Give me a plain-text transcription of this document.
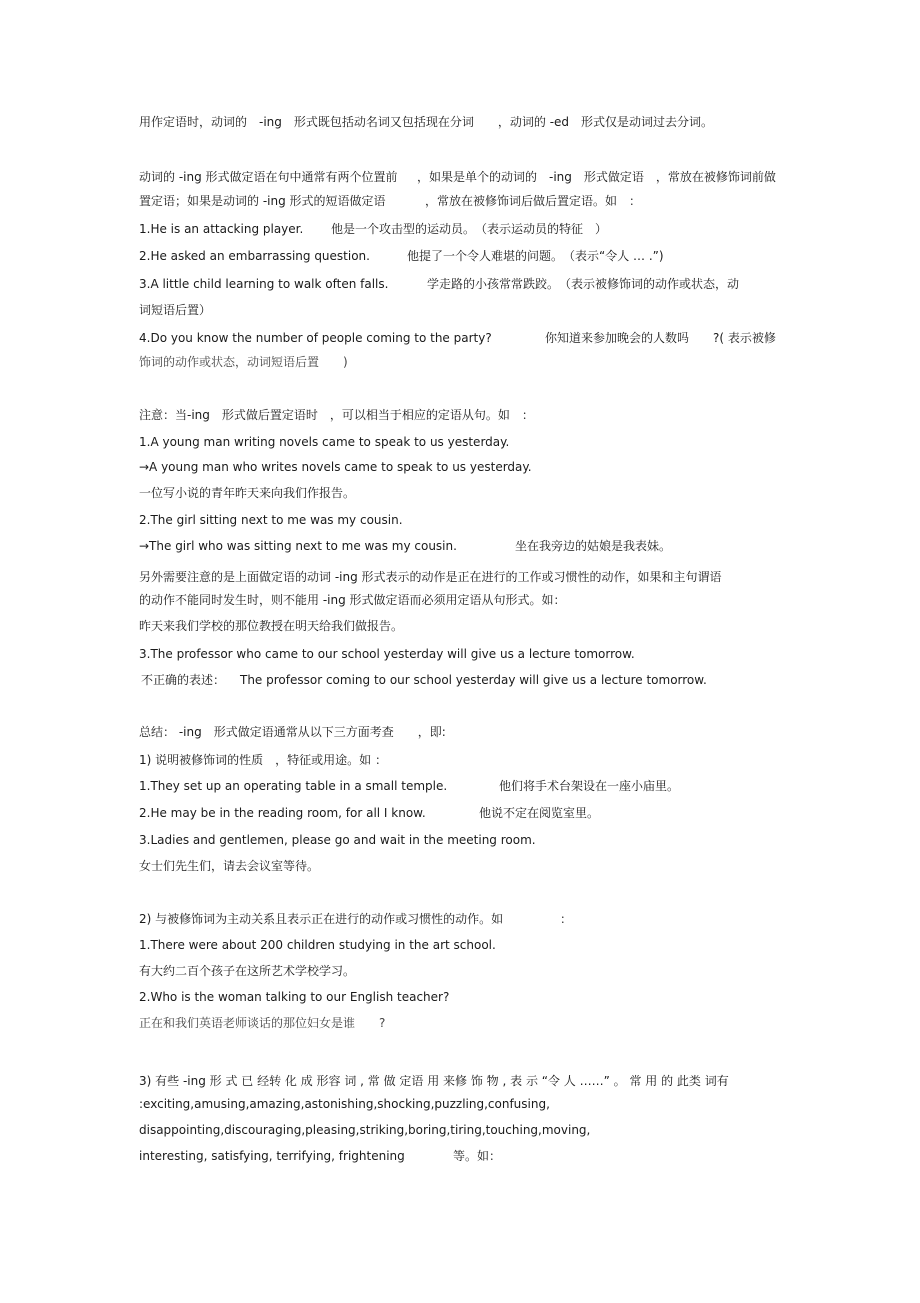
用作定语时，动词的　-ing　形式既包括动名词又包括现在分词　　，动词的 -ed　形式仅是动词过去分词。
动词的 -ing 形式做定语在句中通常有两个位置前 ，如果是单个的动词的　-ing　形式做定语　，常放在被修饰词前做
置定语；如果是动词的 -ing 形式的短语做定语	，常放在被修饰词后做后置定语。如　：
1.He is an attacking player. 他是一个攻击型的运动员。　（表示运动员的特征　）
2.He asked an embarrassing question.	他提了一个令人难堪的问题。　（表示“令人 … .”)
3.A little child learning to walk often falls.	学走路的小孩常常跌跤。　（表示被修饰词的动作或状态，动
词短语后置）
4.Do you know the number of people coming to the party?	你知道来参加晚会的人数吗　　?( 表示被修
饰词的动作或状态，动词短语后置　　)
注意：当-ing　形式做后置定语时　，可以相当于相应的定语从句。如　：
1.A young man writing novels came to speak to us yesterday.
→A young man who writes novels came to speak to us yesterday.
一位写小说的青年昨天来向我们作报告。
2.The girl sitting next to me was my cousin.
→The girl who was sitting next to me was my cousin.	坐在我旁边的姑娘是我表妹。
另外需要注意的是上面做定语的动词 -ing 形式表示的动作是正在进行的工作或习惯性的动作，如果和主句谓语
的动作不能同时发生时，则不能用 -ing 形式做定语而必须用定语从句形式。如：
昨天来我们学校的那位教授在明天给我们做报告。
3.The professor who came to our school yesterday will give us a lecture tomorrow.
不正确的表述： The professor coming to our school yesterday will give us a lecture tomorrow.
总结： -ing　形式做定语通常从以下三方面考查　　，即:
1) 说明被修饰词的性质　，特征或用途。如 ：
1.They set up an operating table in a small temple.	他们将手术台架设在一座小庙里。
2.He may be in the reading room, for all I know.	他说不定在阅览室里。
3.Ladies and gentlemen, please go and wait in the meeting room.
女士们先生们，请去会议室等待。
2) 与被修饰词为主动关系且表示正在进行的动作或习惯性的动作。如	：
1.There were about 200 children studying in the art school.
有大约二百个孩子在这所艺术学校学习。
2.Who is the woman talking to our English teacher?
正在和我们英语老师谈话的那位妇女是谁　　?
3) 有些 -ing 形 式 已 经转 化 成 形容 词 , 常 做 定语 用 来修 饰 物 , 表 示 “令 人 ……” 。 常 用 的 此类 词有
:exciting,amusing,amazing,astonishing,shocking,puzzling,confusing,
disappointing,discouraging,pleasing,striking,boring,tiring,touching,moving,
interesting, satisfying, terrifying, frightening	等。如：
